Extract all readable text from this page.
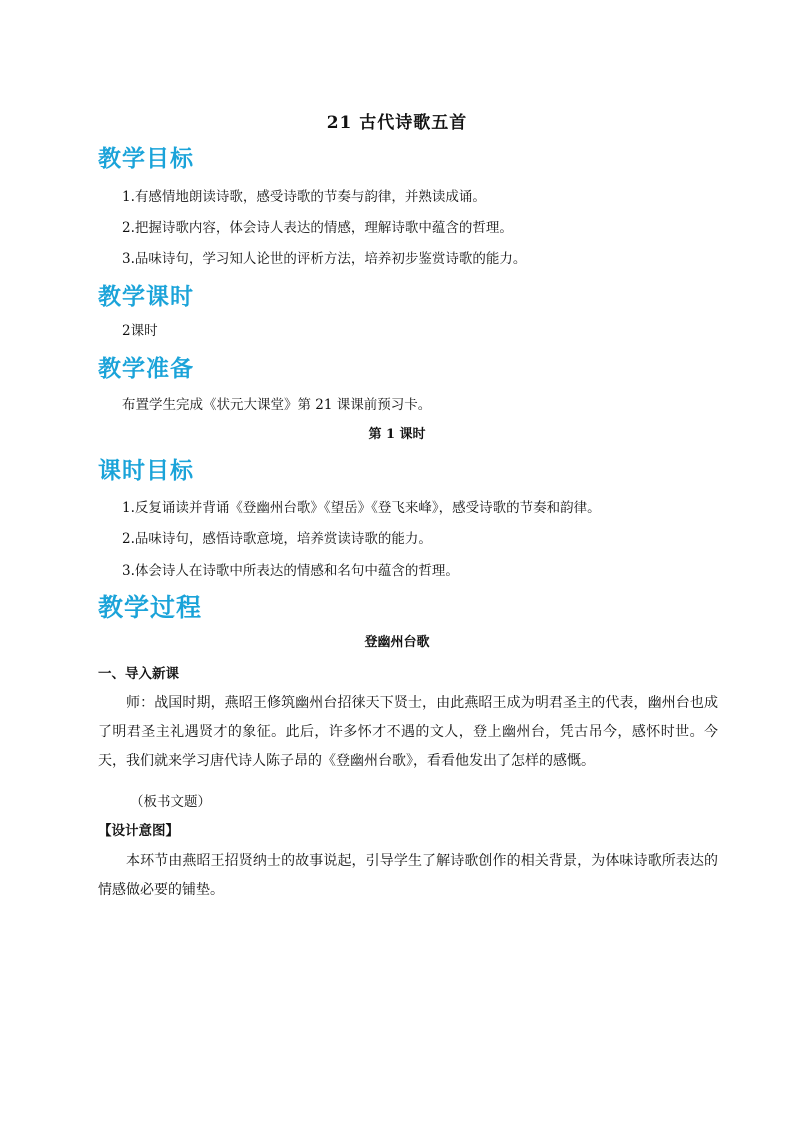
21 古代诗歌五首
教学目标
1.有感情地朗读诗歌，感受诗歌的节奏与韵律，并熟读成诵。
2.把握诗歌内容，体会诗人表达的情感，理解诗歌中蕴含的哲理。
3.品味诗句，学习知人论世的评析方法，培养初步鉴赏诗歌的能力。
教学课时
2课时
教学准备
布置学生完成《状元大课堂》第 21 课课前预习卡。
第 1 课时
课时目标
1.反复诵读并背诵《登幽州台歌》《望岳》《登飞来峰》，感受诗歌的节奏和韵律。
2.品味诗句，感悟诗歌意境，培养赏读诗歌的能力。
3.体会诗人在诗歌中所表达的情感和名句中蕴含的哲理。
教学过程
登幽州台歌
一、导入新课
师：战国时期，燕昭王修筑幽州台招徕天下贤士，由此燕昭王成为明君圣主的代表，幽州台也成了明君圣主礼遇贤才的象征。此后，许多怀才不遇的文人，登上幽州台，凭古吊今，感怀时世。今天，我们就来学习唐代诗人陈子昂的《登幽州台歌》，看看他发出了怎样的感慨。
（板书文题）
【设计意图】
本环节由燕昭王招贤纳士的故事说起，引导学生了解诗歌创作的相关背景，为体味诗歌所表达的情感做必要的铺垫。
